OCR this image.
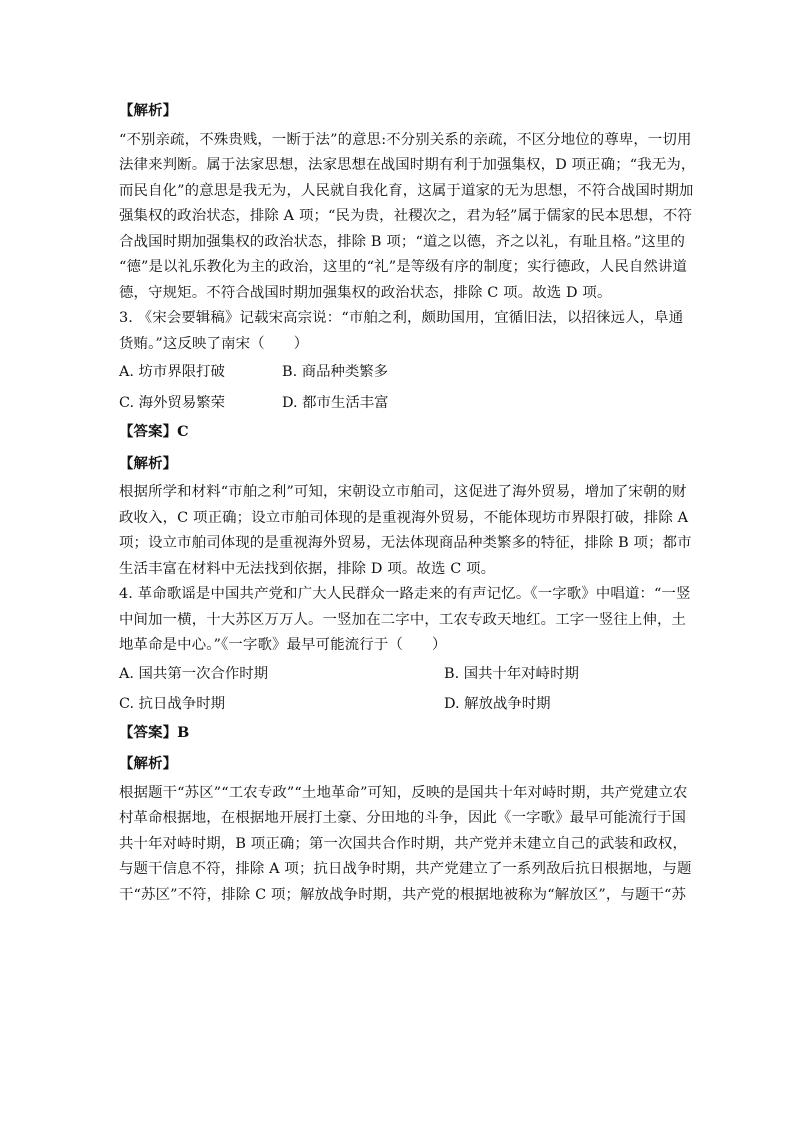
【解析】
“不别亲疏，不殊贵贱，一断于法”的意思:不分别关系的亲疏，不区分地位的尊卑，一切用
法律来判断。属于法家思想，法家思想在战国时期有利于加强集权，D 项正确；“我无为，
而民自化”的意思是我无为，人民就自我化育，这属于道家的无为思想，不符合战国时期加
强集权的政治状态，排除 A 项；“民为贵，社稷次之，君为轻”属于儒家的民本思想，不符
合战国时期加强集权的政治状态，排除 B 项；“道之以德，齐之以礼，有耻且格。”这里的
“德”是以礼乐教化为主的政治，这里的“礼”是等级有序的制度；实行德政，人民自然讲道
德，守规矩。不符合战国时期加强集权的政治状态，排除 C 项。故选 D 项。
3. 《宋会要辑稿》记载宋高宗说：“市舶之利，颇助国用，宜循旧法，以招徕远人，阜通
货贿。”这反映了南宋（　　）
A. 坊市界限打破	B. 商品种类繁多
C. 海外贸易繁荣	D. 都市生活丰富
【答案】C
【解析】
根据所学和材料“市舶之利”可知，宋朝设立市舶司，这促进了海外贸易，增加了宋朝的财
政收入，C 项正确；设立市舶司体现的是重视海外贸易，不能体现坊市界限打破，排除 A
项；设立市舶司体现的是重视海外贸易，无法体现商品种类繁多的特征，排除 B 项；都市
生活丰富在材料中无法找到依据，排除 D 项。故选 C 项。
4. 革命歌谣是中国共产党和广大人民群众一路走来的有声记忆。《一字歌》中唱道：“一竖
中间加一横，十大苏区万万人。一竖加在二字中，工农专政天地红。工字一竖往上伸，土
地革命是中心。”《一字歌》最早可能流行于（　　）
A. 国共第一次合作时期	B. 国共十年对峙时期
C. 抗日战争时期	D. 解放战争时期
【答案】B
【解析】
根据题干“苏区”“工农专政”“土地革命”可知，反映的是国共十年对峙时期，共产党建立农
村革命根据地，在根据地开展打土豪、分田地的斗争，因此《一字歌》最早可能流行于国
共十年对峙时期，B 项正确；第一次国共合作时期，共产党并未建立自己的武装和政权，
与题干信息不符，排除 A 项；抗日战争时期，共产党建立了一系列敌后抗日根据地，与题
干“苏区”不符，排除 C 项；解放战争时期，共产党的根据地被称为“解放区”，与题干“苏
